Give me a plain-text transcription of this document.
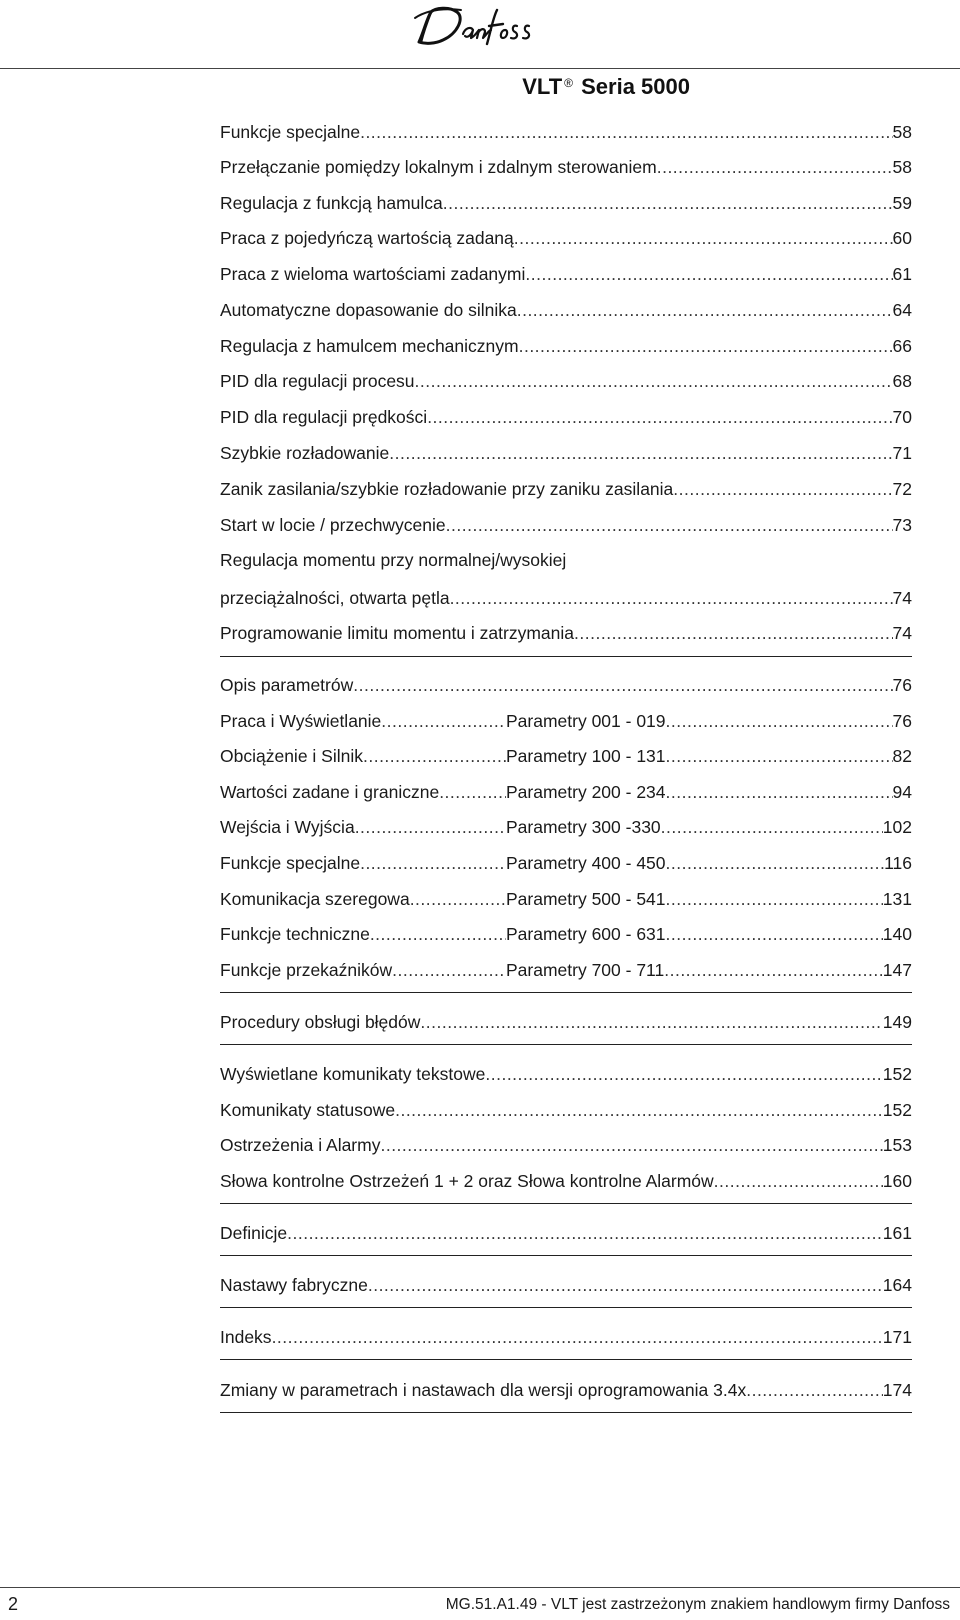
VLT ® Seria 5000
Funkcje specjalne .....	58
Przełączanie pomiędzy lokalnym i zdalnym sterowaniem .....	58
Regulacja z funkcją hamulca .....	59
Praca z pojedyńczą wartością zadaną .....	60
Praca z wieloma wartościami zadanymi .....	61
Automatyczne dopasowanie do silnika .....	64
Regulacja z hamulcem mechanicznym .....	66
PID dla regulacji procesu .....	68
PID dla regulacji prędkości .....	70
Szybkie rozładowanie .....	71
Zanik zasilania/szybkie rozładowanie przy zaniku zasilania .....	72
Start w locie / przechwycenie .....	73
Regulacja momentu przy normalnej/wysokiej
przeciążalności, otwarta pętla .....	74
Programowanie limitu momentu i zatrzymania .....	74
Opis parametrów .....	76
Praca i Wyświetlanie .....	Parametry 001 - 019 .....	76
Obciążenie i Silnik .....	Parametry 100 - 131 .....	82
Wartości zadane i graniczne .....	Parametry 200 - 234 .....	94
Wejścia i Wyjścia .....	Parametry 300 -330 .....	102
Funkcje specjalne .....	Parametry 400 - 450 .....	116
Komunikacja szeregowa .....	Parametry 500 - 541 .....	131
Funkcje techniczne .....	Parametry 600 - 631 .....	140
Funkcje przekaźników .....	Parametry 700 - 711 .....	147
Procedury obsługi błędów .....	149
Wyświetlane komunikaty tekstowe .....	152
Komunikaty statusowe .....	152
Ostrzeżenia i Alarmy .....	153
Słowa kontrolne Ostrzeżeń 1 + 2 oraz Słowa kontrolne Alarmów .....	160
Definicje .....	161
Nastawy fabryczne .....	164
Indeks .....	171
Zmiany w parametrach i nastawach dla wersji oprogramowania 3.4x .....	174
2	MG.51.A1.49 - VLT jest zastrzeżonym znakiem handlowym firmy Danfoss
